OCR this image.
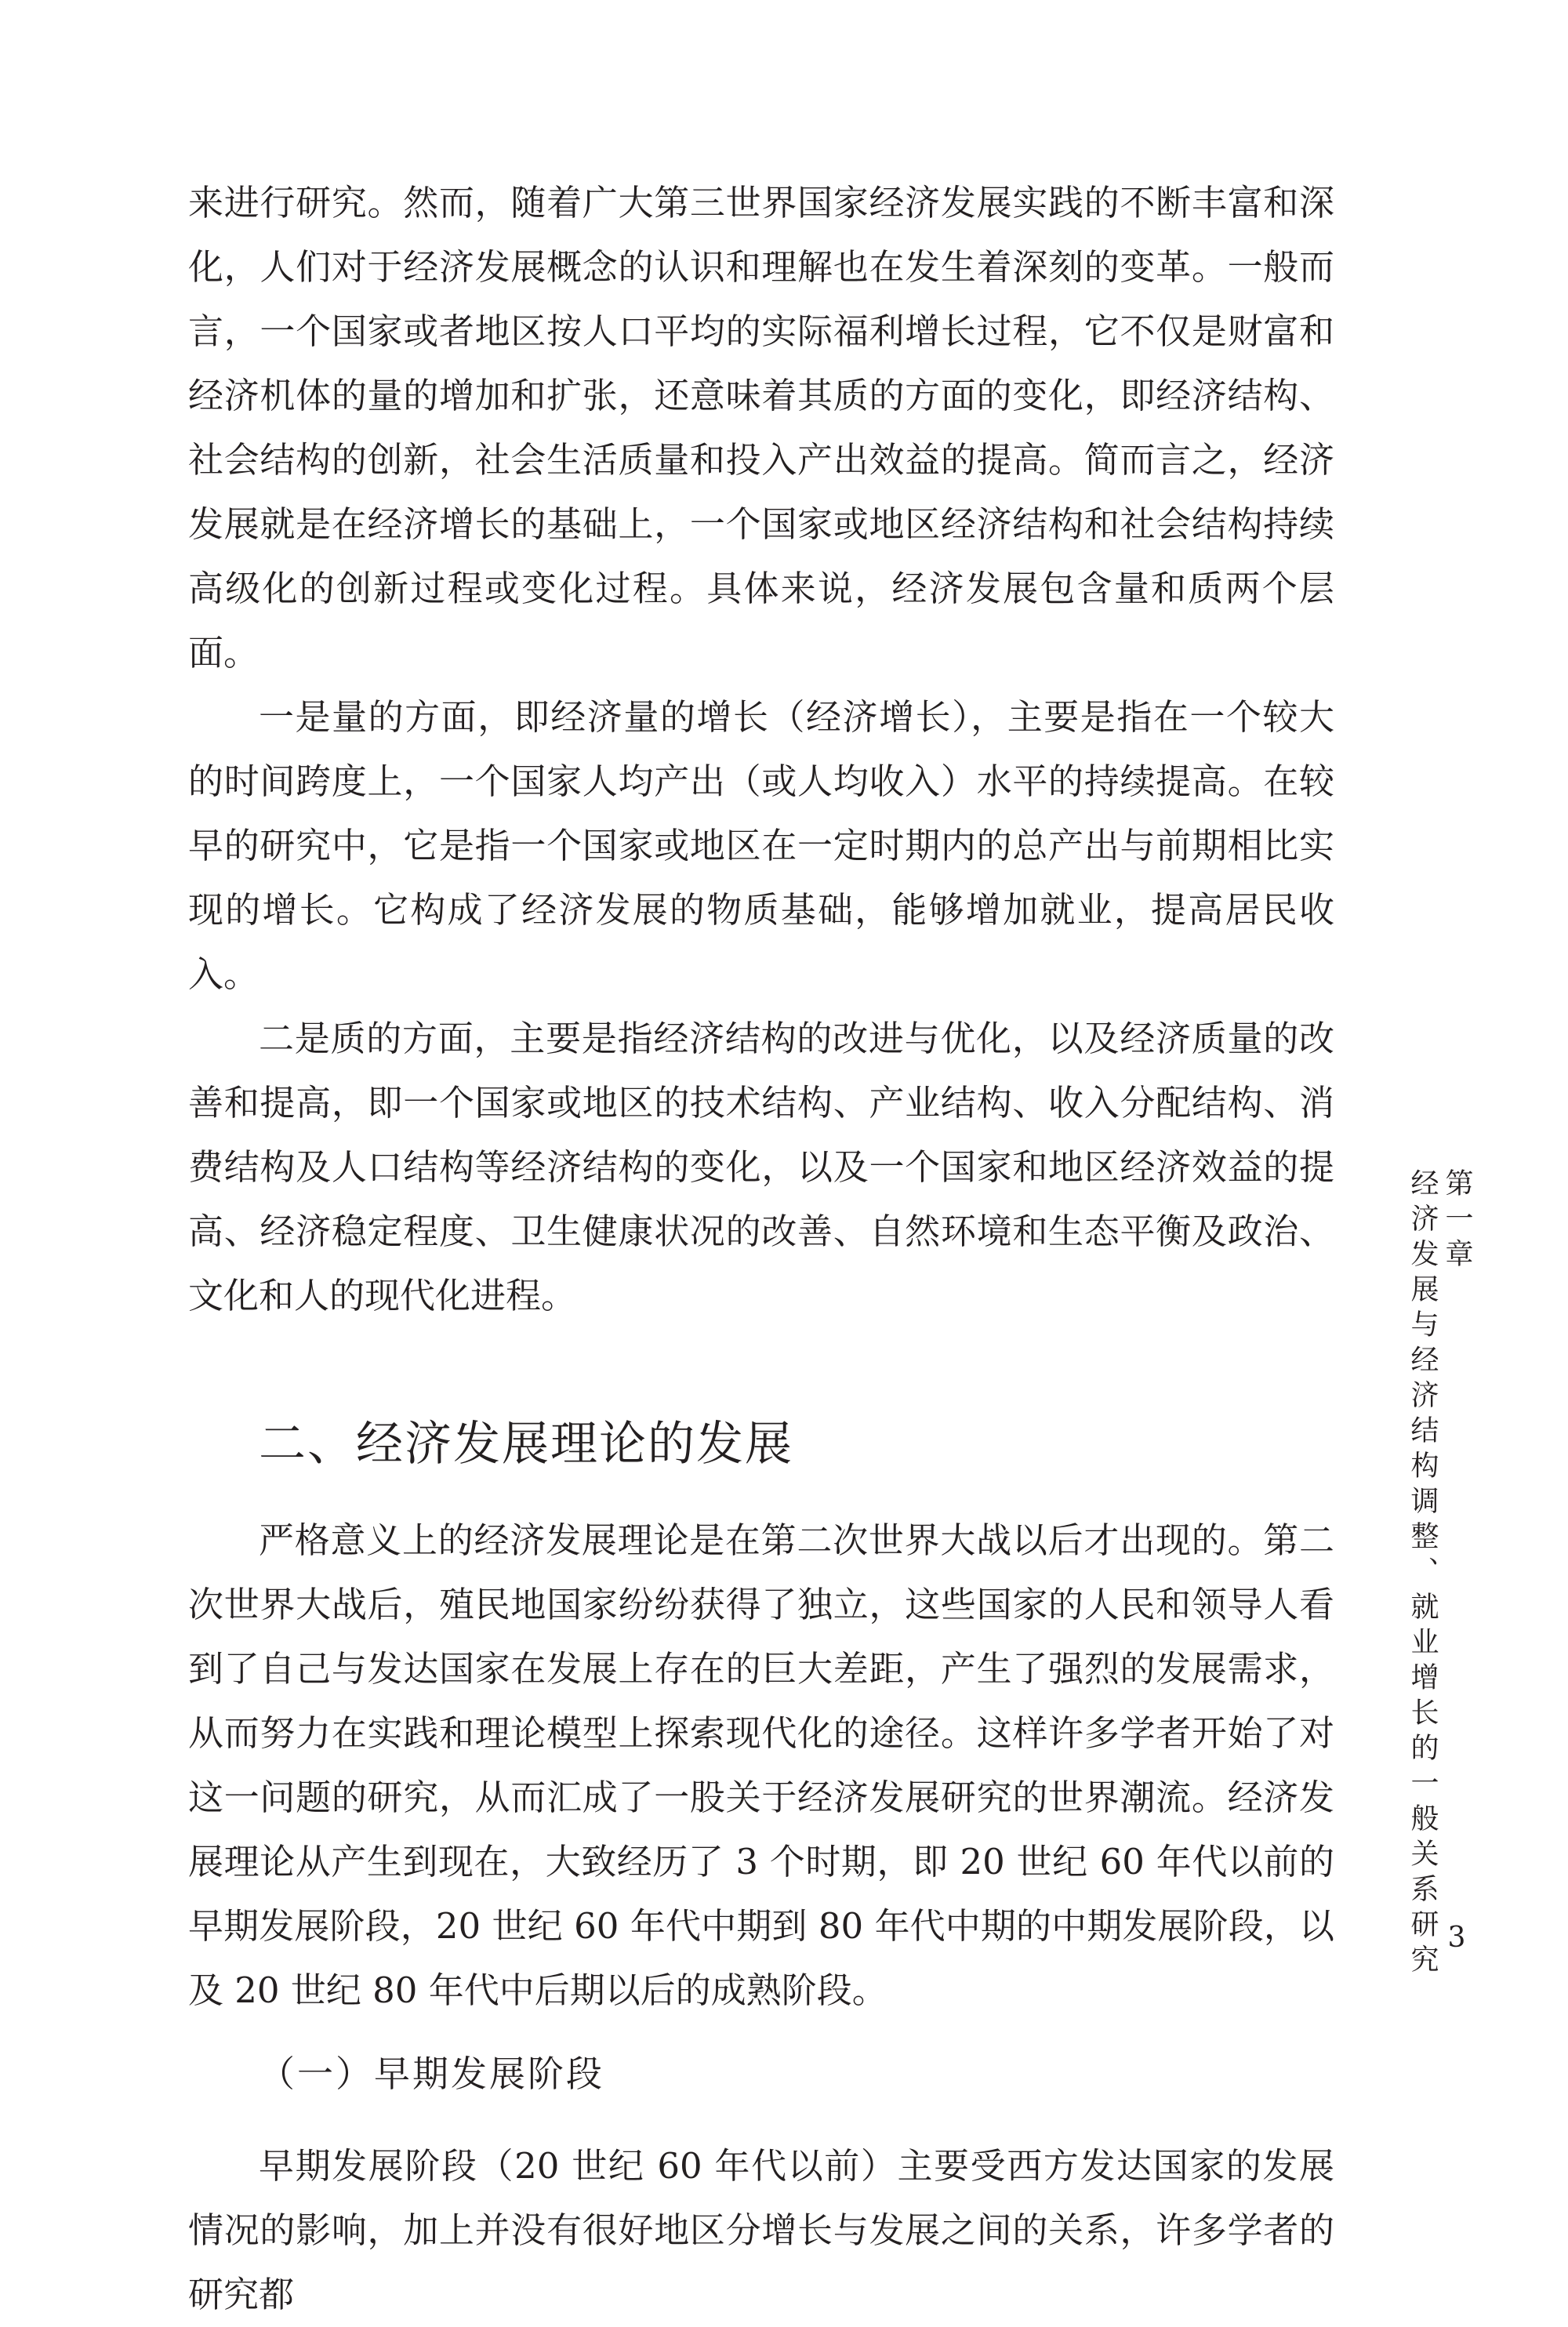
来进行研究。然而，随着广大第三世界国家经济发展实践的不断丰富和深化，人们对于经济发展概念的认识和理解也在发生着深刻的变革。一般而言，一个国家或者地区按人口平均的实际福利增长过程，它不仅是财富和经济机体的量的增加和扩张，还意味着其质的方面的变化，即经济结构、社会结构的创新，社会生活质量和投入产出效益的提高。简而言之，经济发展就是在经济增长的基础上，一个国家或地区经济结构和社会结构持续高级化的创新过程或变化过程。具体来说，经济发展包含量和质两个层面。

一是量的方面，即经济量的增长（经济增长），主要是指在一个较大的时间跨度上，一个国家人均产出（或人均收入）水平的持续提高。在较早的研究中，它是指一个国家或地区在一定时期内的总产出与前期相比实现的增长。它构成了经济发展的物质基础，能够增加就业，提高居民收入。

二是质的方面，主要是指经济结构的改进与优化，以及经济质量的改善和提高，即一个国家或地区的技术结构、产业结构、收入分配结构、消费结构及人口结构等经济结构的变化，以及一个国家和地区经济效益的提高、经济稳定程度、卫生健康状况的改善、自然环境和生态平衡及政治、文化和人的现代化进程。

二、经济发展理论的发展

严格意义上的经济发展理论是在第二次世界大战以后才出现的。第二次世界大战后，殖民地国家纷纷获得了独立，这些国家的人民和领导人看到了自己与发达国家在发展上存在的巨大差距，产生了强烈的发展需求，从而努力在实践和理论模型上探索现代化的途径。这样许多学者开始了对这一问题的研究，从而汇成了一股关于经济发展研究的世界潮流。经济发展理论从产生到现在，大致经历了 3 个时期，即 20 世纪 60 年代以前的早期发展阶段，20 世纪 60 年代中期到 80 年代中期的中期发展阶段，以及 20 世纪 80 年代中后期以后的成熟阶段。

（一）早期发展阶段

早期发展阶段（20 世纪 60 年代以前）主要受西方发达国家的发展情况的影响，加上并没有很好地区分增长与发展之间的关系，许多学者的研究都

第一章
经济发展与经济结构调整、就业增长的一般关系研究 3
